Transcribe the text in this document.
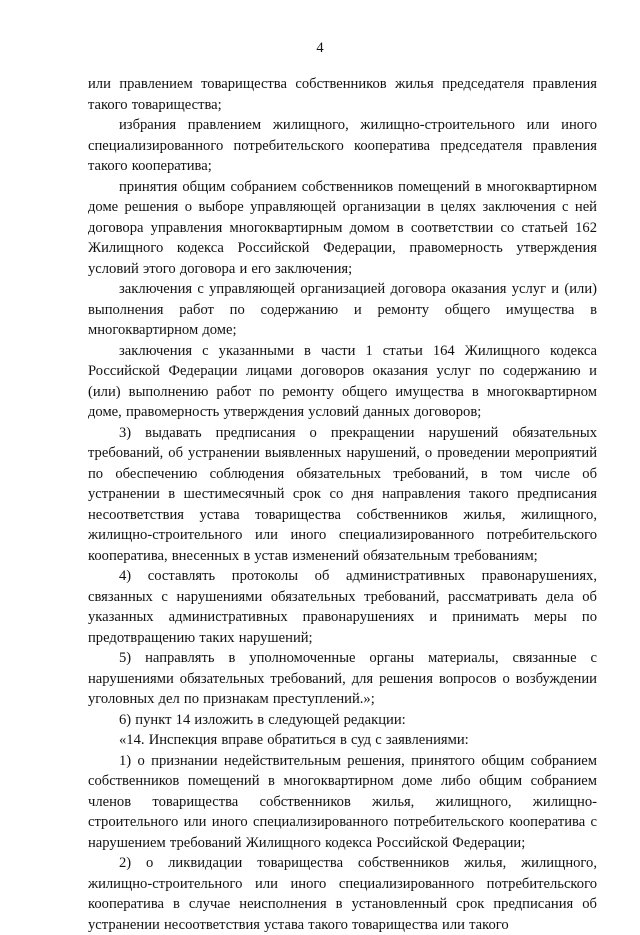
4

или правлением товарищества собственников жилья председателя правления такого товарищества;

избрания правлением жилищного, жилищно-строительного или иного специализированного потребительского кооператива председателя правления такого кооператива;

принятия общим собранием собственников помещений в многоквартирном доме решения о выборе управляющей организации в целях заключения с ней договора управления многоквартирным домом в соответствии со статьей 162 Жилищного кодекса Российской Федерации, правомерность утверждения условий этого договора и его заключения;

заключения с управляющей организацией договора оказания услуг и (или) выполнения работ по содержанию и ремонту общего имущества в многоквартирном доме;

заключения с указанными в части 1 статьи 164 Жилищного кодекса Российской Федерации лицами договоров оказания услуг по содержанию и (или) выполнению работ по ремонту общего имущества в многоквартирном доме, правомерность утверждения условий данных договоров;

3) выдавать предписания о прекращении нарушений обязательных требований, об устранении выявленных нарушений, о проведении мероприятий по обеспечению соблюдения обязательных требований, в том числе об устранении в шестимесячный срок со дня направления такого предписания несоответствия устава товарищества собственников жилья, жилищного, жилищно-строительного или иного специализированного потребительского кооператива, внесенных в устав изменений обязательным требованиям;

4) составлять протоколы об административных правонарушениях, связанных с нарушениями обязательных требований, рассматривать дела об указанных административных правонарушениях и принимать меры по предотвращению таких нарушений;

5) направлять в уполномоченные органы материалы, связанные с нарушениями обязательных требований, для решения вопросов о возбуждении уголовных дел по признакам преступлений.»;

6) пункт 14 изложить в следующей редакции:

«14. Инспекция вправе обратиться в суд с заявлениями:

1) о признании недействительным решения, принятого общим собранием собственников помещений в многоквартирном доме либо общим собранием членов товарищества собственников жилья, жилищного, жилищно-строительного или иного специализированного потребительского кооператива с нарушением требований Жилищного кодекса Российской Федерации;

2) о ликвидации товарищества собственников жилья, жилищного, жилищно-строительного или иного специализированного потребительского кооператива в случае неисполнения в установленный срок предписания об устранении несоответствия устава такого товарищества или такого
